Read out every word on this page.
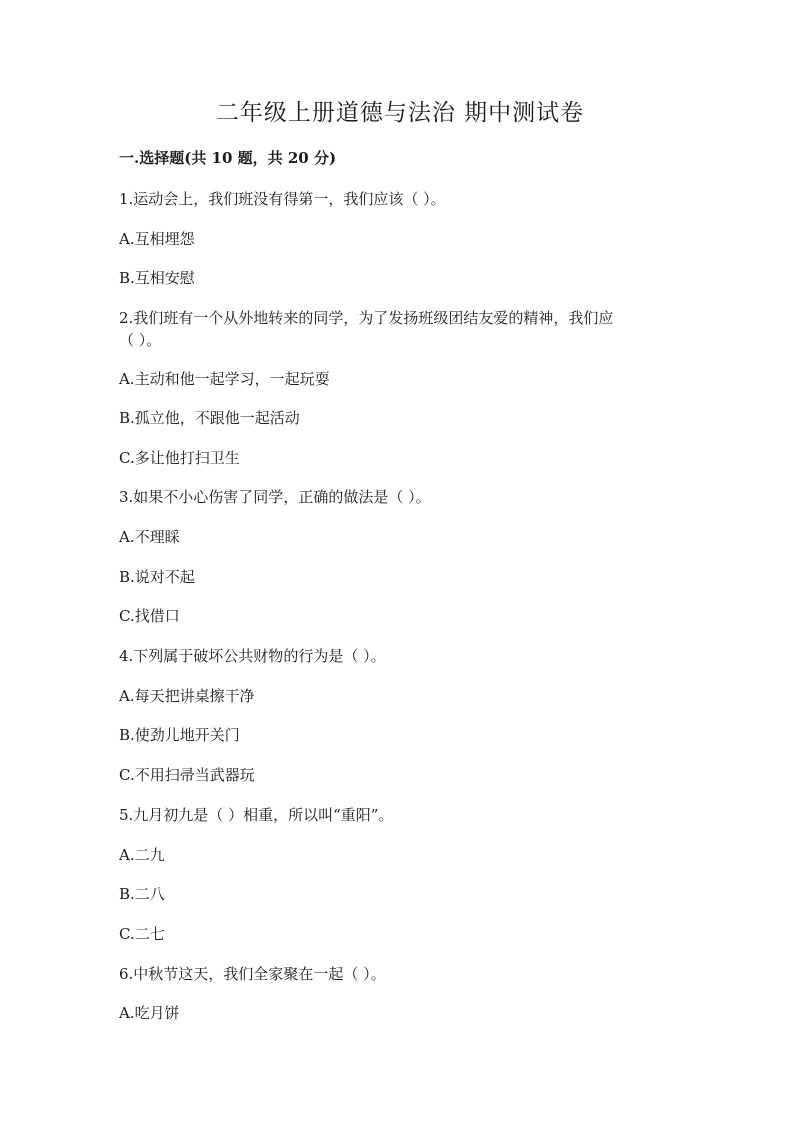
二年级上册道德与法治 期中测试卷
一.选择题(共 10 题，共 20 分)
1.运动会上，我们班没有得第一，我们应该（ ）。
A.互相埋怨
B.互相安慰
2.我们班有一个从外地转来的同学，为了发扬班级团结友爱的精神，我们应
（ ）。
A.主动和他一起学习，一起玩耍
B.孤立他，不跟他一起活动
C.多让他打扫卫生
3.如果不小心伤害了同学，正确的做法是（ ）。
A.不理睬
B.说对不起
C.找借口
4.下列属于破坏公共财物的行为是（ ）。
A.每天把讲桌擦干净
B.使劲儿地开关门
C.不用扫帚当武器玩
5.九月初九是（ ）相重，所以叫“重阳”。
A.二九
B.二八
C.二七
6.中秋节这天，我们全家聚在一起（ ）。
A.吃月饼
